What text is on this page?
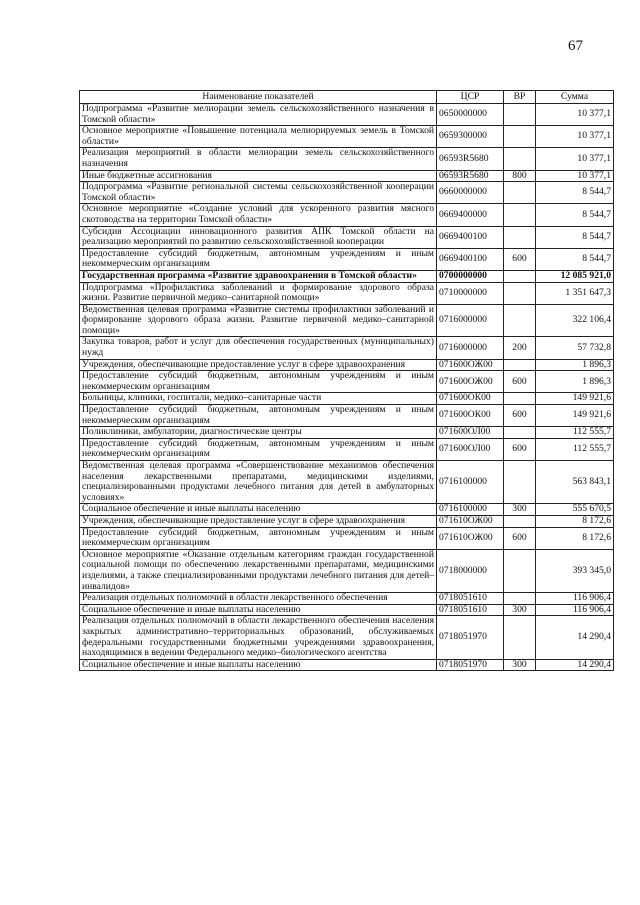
67
Наименование показателей	ЦСР	ВР	Сумма
Подпрограмма «Развитие мелиорации земель сельскохозяйственного назначения в Томской области»	0650000000		10 377,1
Основное мероприятие «Повышение потенциала мелиорируемых земель в Томской области»	0659300000		10 377,1
Реализация мероприятий в области мелиорации земель сельскохозяйственного назначения	06593R5680		10 377,1
Иные бюджетные ассигнования	06593R5680	800	10 377,1
Подпрограмма «Развитие региональной системы сельскохозяйственной кооперации Томской области»	0660000000		8 544,7
Основное мероприятие «Создание условий для ускоренного развития мясного скотоводства на территории Томской области»	0669400000		8 544,7
Субсидия Ассоциации инновационного развития АПК Томской области на реализацию мероприятий по развитию сельскохозяйственной кооперации	0669400100		8 544,7
Предоставление субсидий бюджетным, автономным учреждениям и иным некоммерческим организациям	0669400100	600	8 544,7
Государственная программа «Развитие здравоохранения в Томской области»	0700000000		12 085 921,0
Подпрограмма «Профилактика заболеваний и формирование здорового образа жизни. Развитие первичной медико–санитарной помощи»	0710000000		1 351 647,3
Ведомственная целевая программа «Развитие системы профилактики заболеваний и формирование здорового образа жизни. Развитие первичной медико–санитарной помощи»	0716000000		322 106,4
Закупка товаров, работ и услуг для обеспечения государственных (муниципальных) нужд	0716000000	200	57 732,8
Учреждения, обеспечивающие предоставление услуг в сфере здравоохранения	071600ОЖ00		1 896,3
Предоставление субсидий бюджетным, автономным учреждениям и иным некоммерческим организациям	071600ОЖ00	600	1 896,3
Больницы, клиники, госпитали, медико–санитарные части	071600ОК00		149 921,6
Предоставление субсидий бюджетным, автономным учреждениям и иным некоммерческим организациям	071600ОК00	600	149 921,6
Поликлиники, амбулатории, диагностические центры	071600ОЛ00		112 555,7
Предоставление субсидий бюджетным, автономным учреждениям и иным некоммерческим организациям	071600ОЛ00	600	112 555,7
Ведомственная целевая программа «Совершенствование механизмов обеспечения населения лекарственными препаратами, медицинскими изделиями, специализированными продуктами лечебного питания для детей в амбулаторных условиях»	0716100000		563 843,1
Социальное обеспечение и иные выплаты населению	0716100000	300	555 670,5
Учреждения, обеспечивающие предоставление услуг в сфере здравоохранения	071610ОЖ00		8 172,6
Предоставление субсидий бюджетным, автономным учреждениям и иным некоммерческим организациям	071610ОЖ00	600	8 172,6
Основное мероприятие «Оказание отдельным категориям граждан государственной социальной помощи по обеспечению лекарственными препаратами, медицинскими изделиями, а также специализированными продуктами лечебного питания для детей–инвалидов»	0718000000		393 345,0
Реализация отдельных полномочий в области лекарственного обеспечения	0718051610		116 906,4
Социальное обеспечение и иные выплаты населению	0718051610	300	116 906,4
Реализация отдельных полномочий в области лекарственного обеспечения населения закрытых административно–территориальных образований, обслуживаемых федеральными государственными бюджетными учреждениями здравоохранения, находящимися в ведении Федерального медико–биологического агентства	0718051970		14 290,4
Социальное обеспечение и иные выплаты населению	0718051970	300	14 290,4
